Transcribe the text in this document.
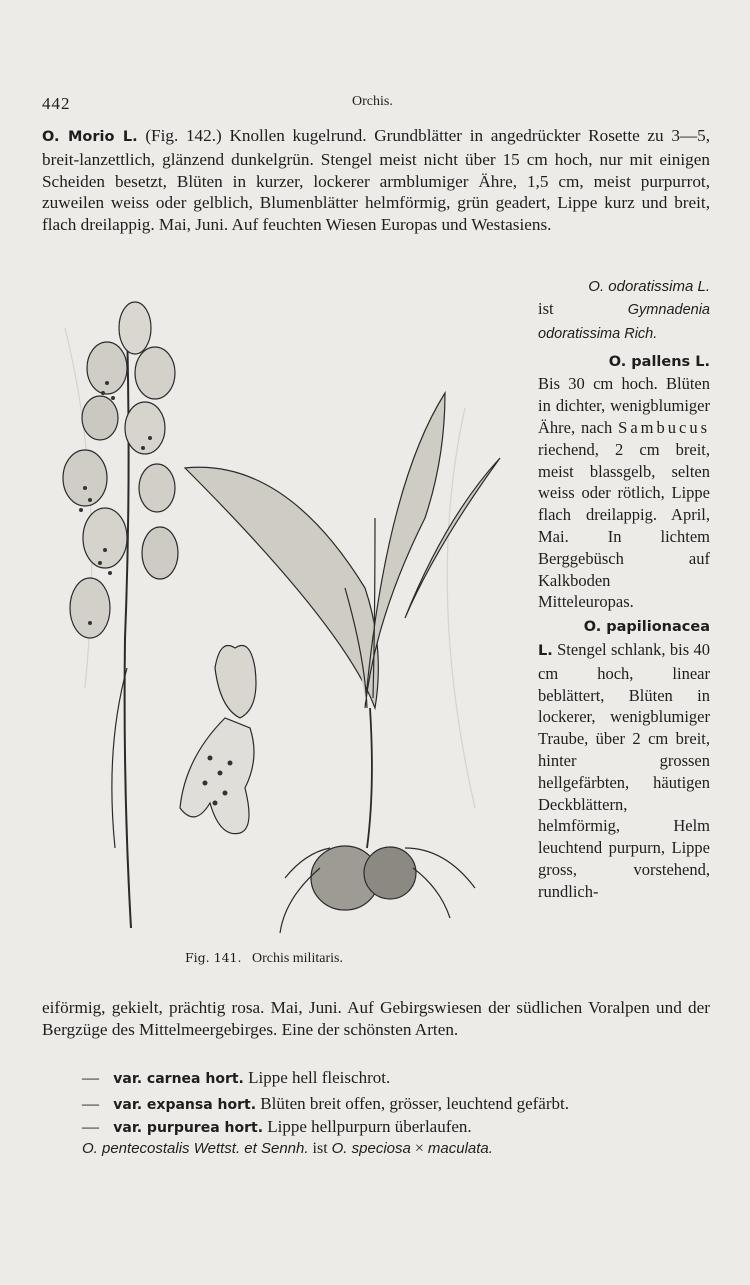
442	Orchis.

O. Morio L. (Fig. 142.) Knollen kugelrund. Grundblätter in angedrückter Rosette zu 3—5, breit-lanzettlich, glänzend dunkelgrün. Stengel meist nicht über 15 cm hoch, nur mit einigen Scheiden besetzt, Blüten in kurzer, lockerer armblumiger Ähre, 1,5 cm, meist purpurrot, zuweilen weiss oder gelblich, Blumenblätter helmförmig, grün geadert, Lippe kurz und breit, flach dreilappig. Mai, Juni. Auf feuchten Wiesen Europas und Westasiens.

O. odoratissima L.

ist	Gymnadenia odoratissima Rich.

O. pallens L.
Bis 30 cm hoch. Blüten in dichter, wenigblumiger Ähre, nach Sambucus riechend, 2 cm breit, meist blassgelb, selten weiss oder rötlich, Lippe flach dreilappig. April, Mai. In lichtem Berggebüsch auf Kalkboden Mitteleuropas.
O. papilionacea
L. Stengel schlank, bis 40 cm hoch, linear beblättert, Blüten in lockerer, wenigblumiger Traube, über 2 cm breit, hinter grossen hellgefärbten, häutigen Deckblättern, helmförmig, Helm leuchtend purpurn, Lippe gross, vorstehend, rundlich-

eiförmig, gekielt, prächtig rosa. Mai, Juni. Auf Gebirgswiesen der südlichen Voralpen und der Bergzüge des Mittelmeergebirges. Eine der schönsten Arten.

— var. carnea hort. Lippe hell fleischrot.
— var. expansa hort. Blüten breit offen, grösser, leuchtend gefärbt.
— var. purpurea hort. Lippe hellpurpurn überlaufen.
O. pentecostalis Wettst. et Sennh. ist O. speciosa × maculata.
Fig. 141. Orchis militaris.
